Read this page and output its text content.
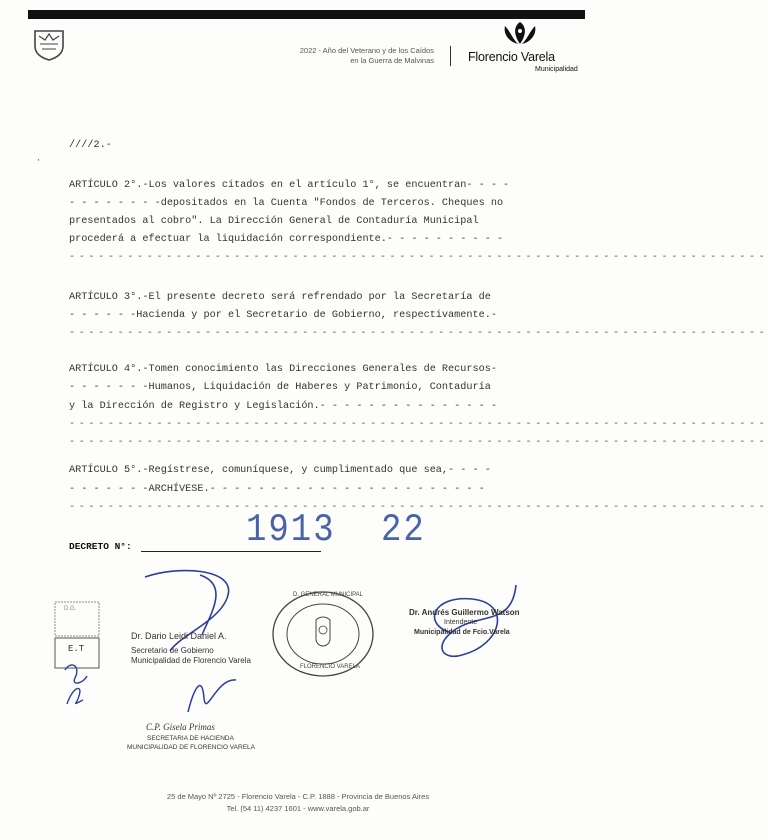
2022 - Año del Veterano y de los Caídos
en la Guerra de Malvinas	Florencio Varela
Municipalidad
////2.-
·
ARTÍCULO 2°.-Los valores citados en el artículo 1°, se encuentran- - - -
- - - - - - - -depositados en la Cuenta "Fondos de Terceros. Cheques no
presentados al cobro". La Dirección General de Contaduría Municipal
procederá a efectuar la liquidación correspondiente.- - - - - - - - - -
------------------------------------------------------------------------
ARTÍCULO 3°.-El presente decreto será refrendado por la Secretaría de
- - - - - -Hacienda y por el Secretario de Gobierno, respectivamente.-
------------------------------------------------------------------------
ARTÍCULO 4°.-Tomen conocimiento las Direcciones Generales de Recursos-
- - - - - - -Humanos, Liquidación de Haberes y Patrimonio, Contaduría
y la Dirección de Registro y Legislación.- - - - - - - - - - - - - - -
------------------------------------------------------------------------
------------------------------------------------------------------------
ARTÍCULO 5°.-Regístrese, comuníquese, y cumplimentado que sea,- - - -
- - - - - - -ARCHÍVESE.- - - - - - - - - - - - - - - - - - - - - - -
------------------------------------------------------------------------
DECRETO N°:	1913 22
D.G.
E.T
Dr. Dario Leidi Daniel A.
Secretario de Gobierno
Municipalidad de Florencio Varela
C.P. Gisela Primas
SECRETARIA DE HACIENDA
MUNICIPALIDAD DE FLORENCIO VARELA
D. GENERAL MUNICIPAL
FLORENCIO VARELA
Dr. Andrés Guillermo Watson
Intendente
Municipalidad de Fcio.Varela
25 de Mayo Nº 2725 - Florencio Varela - C.P. 1888 - Provincia de Buenos Aires
Tel. (54 11) 4237 1601 - www.varela.gob.ar
